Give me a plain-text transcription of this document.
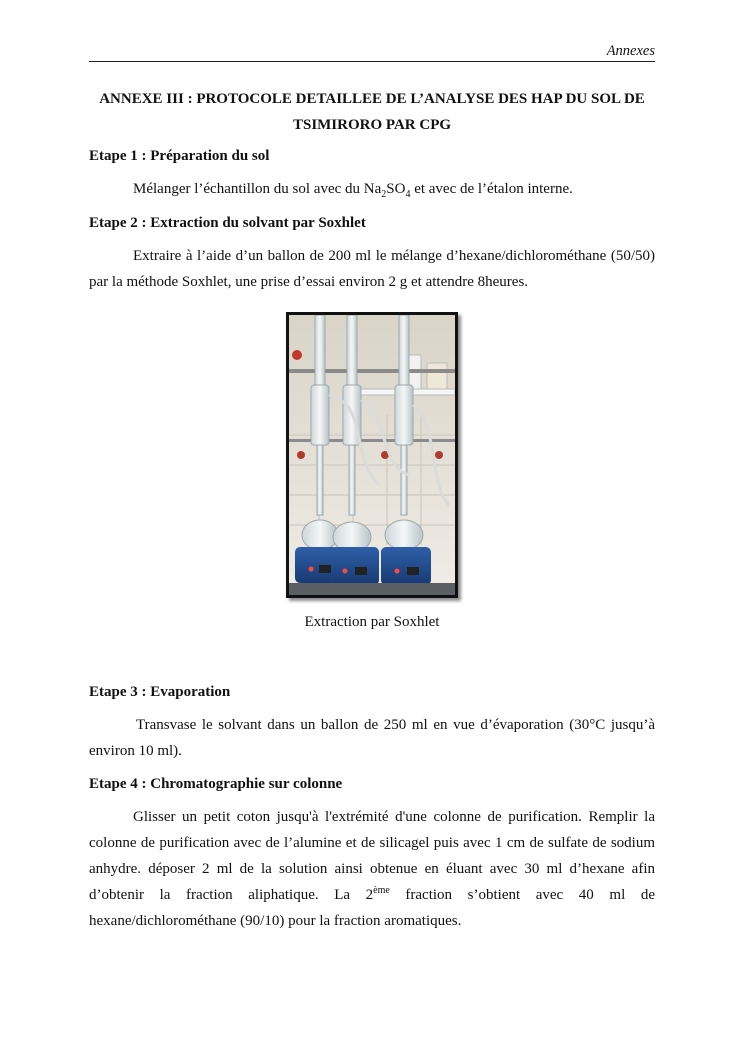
Annexes
ANNEXE III : PROTOCOLE DETAILLEE DE L’ANALYSE DES HAP DU SOL DE
TSIMIRORO PAR CPG

Etape 1 : Préparation du sol

Mélanger l’échantillon du sol avec du $Na_2SO_4$ et avec de l’étalon interne.

Etape 2 : Extraction du solvant par Soxhlet

Extraire à l’aide d’un ballon de 200 ml le mélange d’hexane/dichlorométhane (50/50) par la méthode Soxhlet, une prise d’essai environ 2 g et attendre 8heures.

Extraction par Soxhlet

Etape 3 : Evaporation

Transvase le solvant dans un ballon de 250 ml en vue d’évaporation (30°C jusqu’à environ 10 ml).

Etape 4 : Chromatographie sur colonne

Glisser un petit coton jusqu'à l'extrémité d'une colonne de purification. Remplir la colonne de purification avec de l’alumine et de silicagel puis avec 1 cm de sulfate de sodium anhydre. déposer 2 ml de la solution ainsi obtenue en éluant avec 30 ml d’hexane afin d’obtenir la fraction aliphatique. La 2ème fraction s’obtient avec 40 ml de hexane/dichlorométhane (90/10) pour la fraction aromatiques.
